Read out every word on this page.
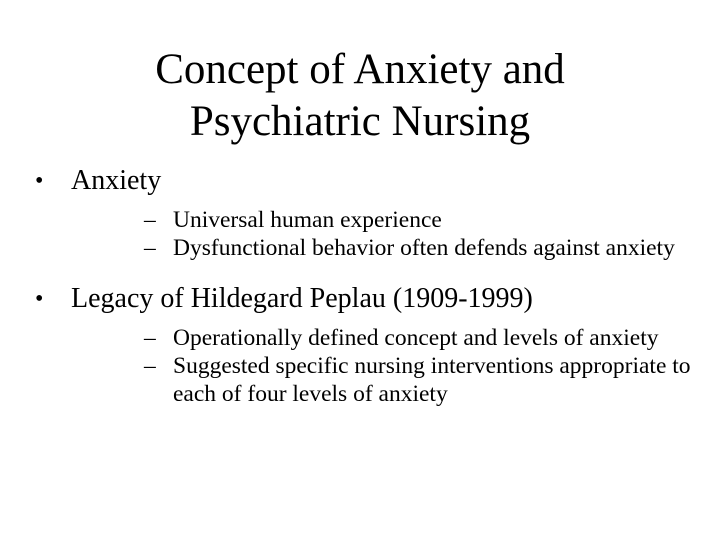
Concept of Anxiety and
Psychiatric Nursing
• Anxiety
– Universal human experience
– Dysfunctional behavior often defends against anxiety
• Legacy of Hildegard Peplau (1909-1999)
– Operationally defined concept and levels of anxiety
– Suggested specific nursing interventions appropriate to each of four levels of anxiety
